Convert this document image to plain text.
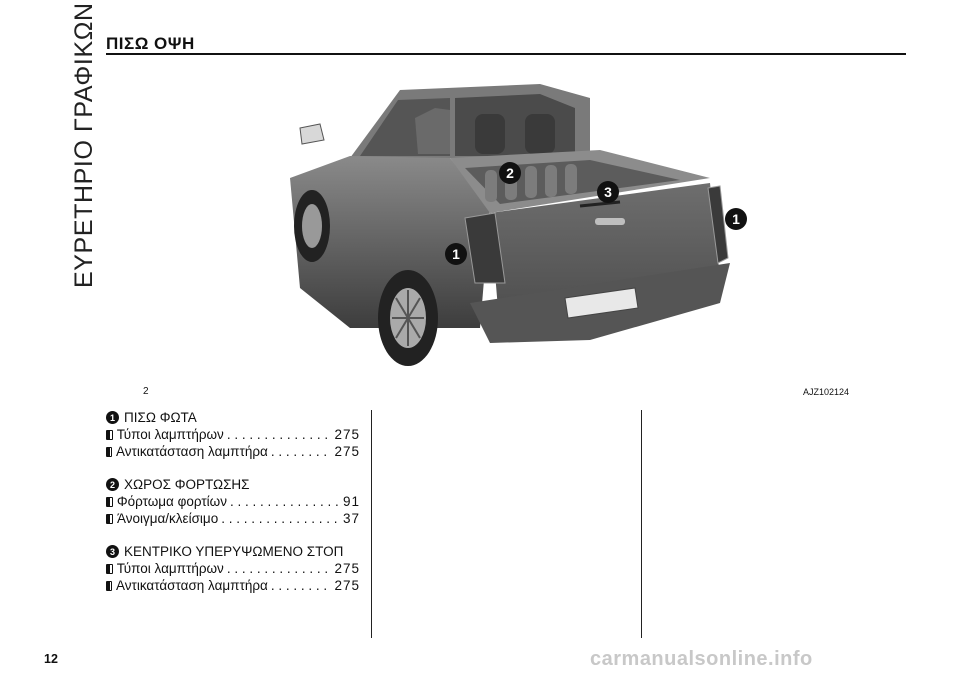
ΕΥΡΕΤΗΡΙΟ ΓΡΑΦΙΚΩΝ ΠΙΣΩ ΟΨΗ
1
2
3
1
2	AJZ102124
1 ΠΙΣΩ ΦΩΤΑ
Τύποι λαμπτήρων . . .	275
Αντικατάσταση λαμπτήρα . . .	275
2 ΧΩΡΟΣ ΦΟΡΤΩΣΗΣ
Φόρτωμα φορτίων . . .	91
Άνοιγμα/κλείσιμο . . .	37
3 ΚΕΝΤΡΙΚΟ ΥΠΕΡΥΨΩΜΕΝΟ ΣΤΟΠ
Τύποι λαμπτήρων . . .	275
Αντικατάσταση λαμπτήρα . . .	275
12	carmanualsonline.info
